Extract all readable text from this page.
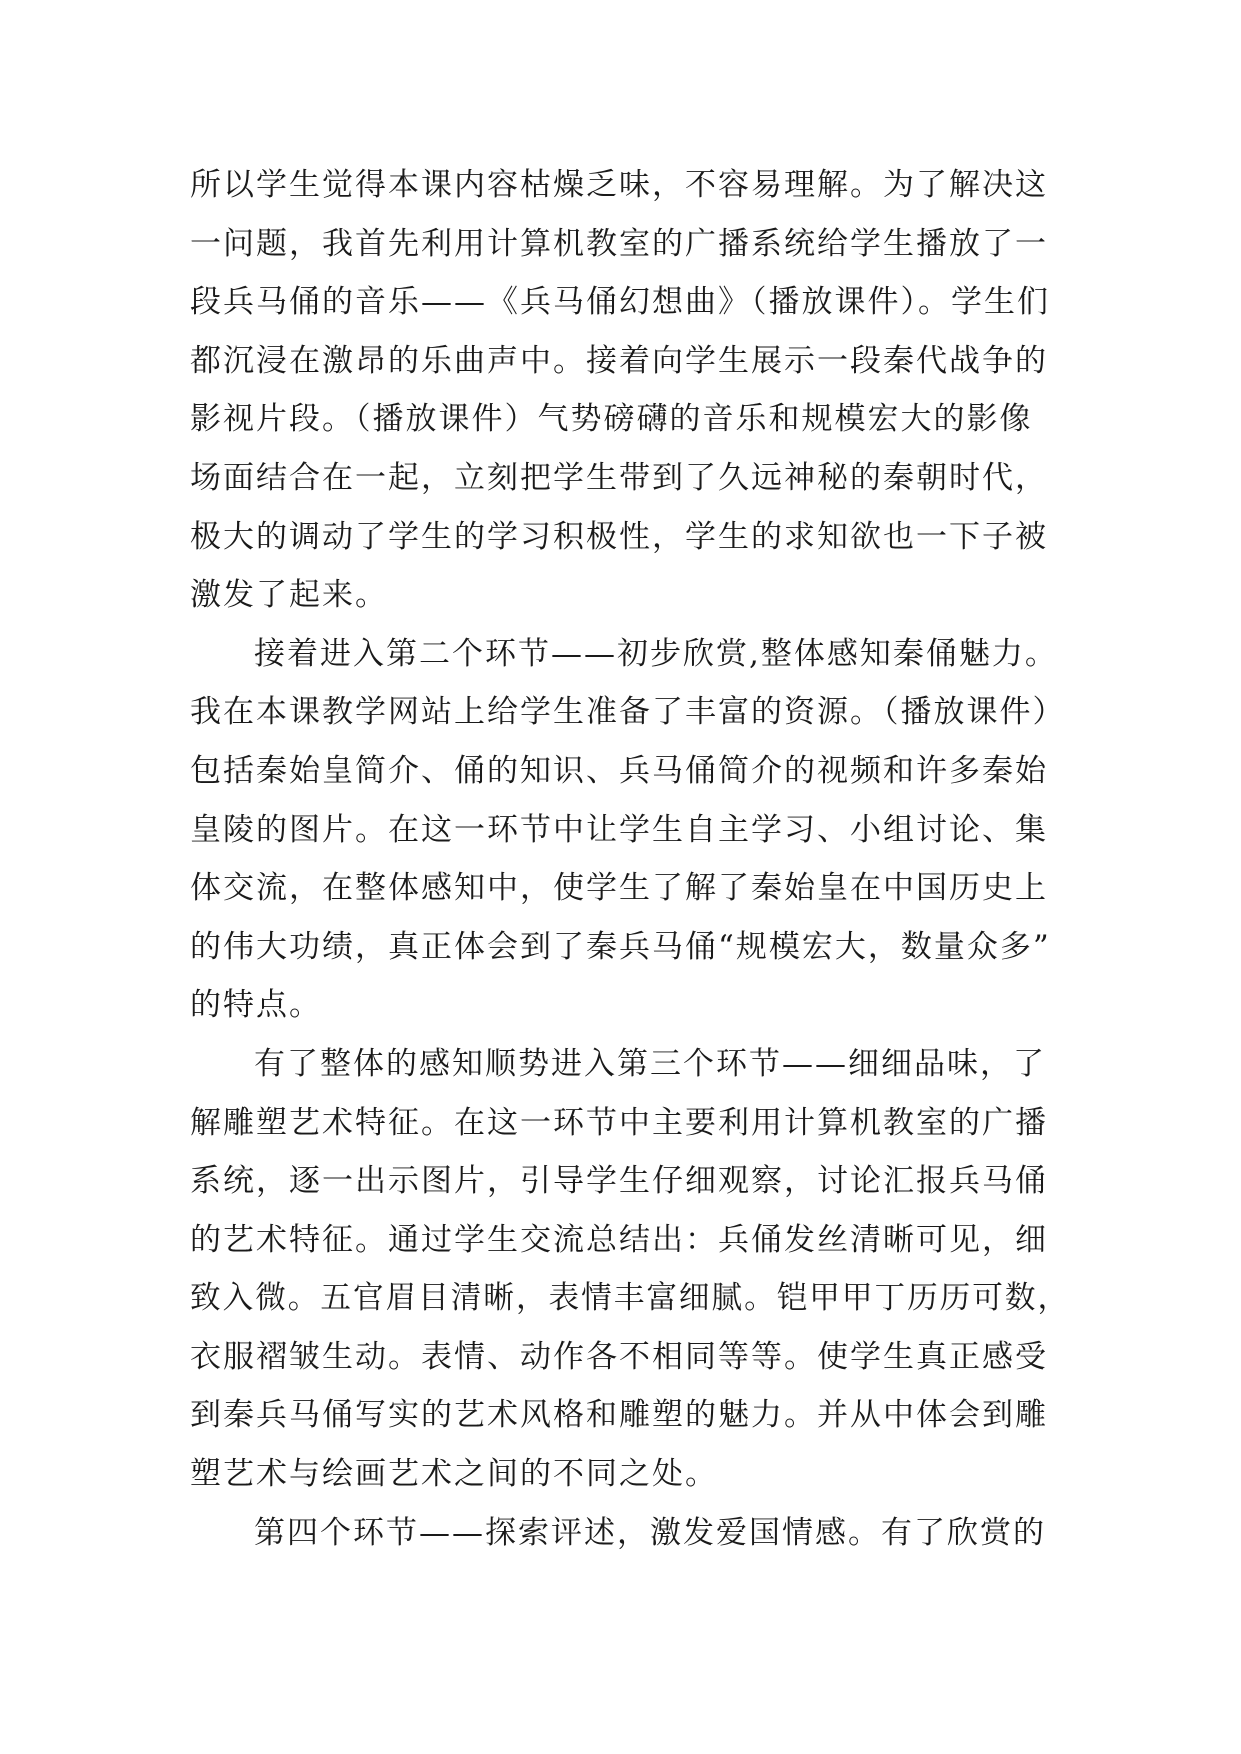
所以学生觉得本课内容枯燥乏味，不容易理解。为了解决这
一问题，我首先利用计算机教室的广播系统给学生播放了一
段兵马俑的音乐——《兵马俑幻想曲》（播放课件）。学生们
都沉浸在激昂的乐曲声中。接着向学生展示一段秦代战争的
影视片段。（播放课件）气势磅礴的音乐和规模宏大的影像
场面结合在一起，立刻把学生带到了久远神秘的秦朝时代，
极大的调动了学生的学习积极性，学生的求知欲也一下子被
激发了起来。
接着进入第二个环节——初步欣赏,整体感知秦俑魅力。
我在本课教学网站上给学生准备了丰富的资源。（播放课件）
包括秦始皇简介、俑的知识、兵马俑简介的视频和许多秦始
皇陵的图片。在这一环节中让学生自主学习、小组讨论、集
体交流，在整体感知中，使学生了解了秦始皇在中国历史上
的伟大功绩，真正体会到了秦兵马俑“规模宏大，数量众多”
的特点。
有了整体的感知顺势进入第三个环节——细细品味，了
解雕塑艺术特征。在这一环节中主要利用计算机教室的广播
系统，逐一出示图片，引导学生仔细观察，讨论汇报兵马俑
的艺术特征。通过学生交流总结出：兵俑发丝清晰可见，细
致入微。五官眉目清晰，表情丰富细腻。铠甲甲丁历历可数，
衣服褶皱生动。表情、动作各不相同等等。使学生真正感受
到秦兵马俑写实的艺术风格和雕塑的魅力。并从中体会到雕
塑艺术与绘画艺术之间的不同之处。
第四个环节——探索评述，激发爱国情感。有了欣赏的
